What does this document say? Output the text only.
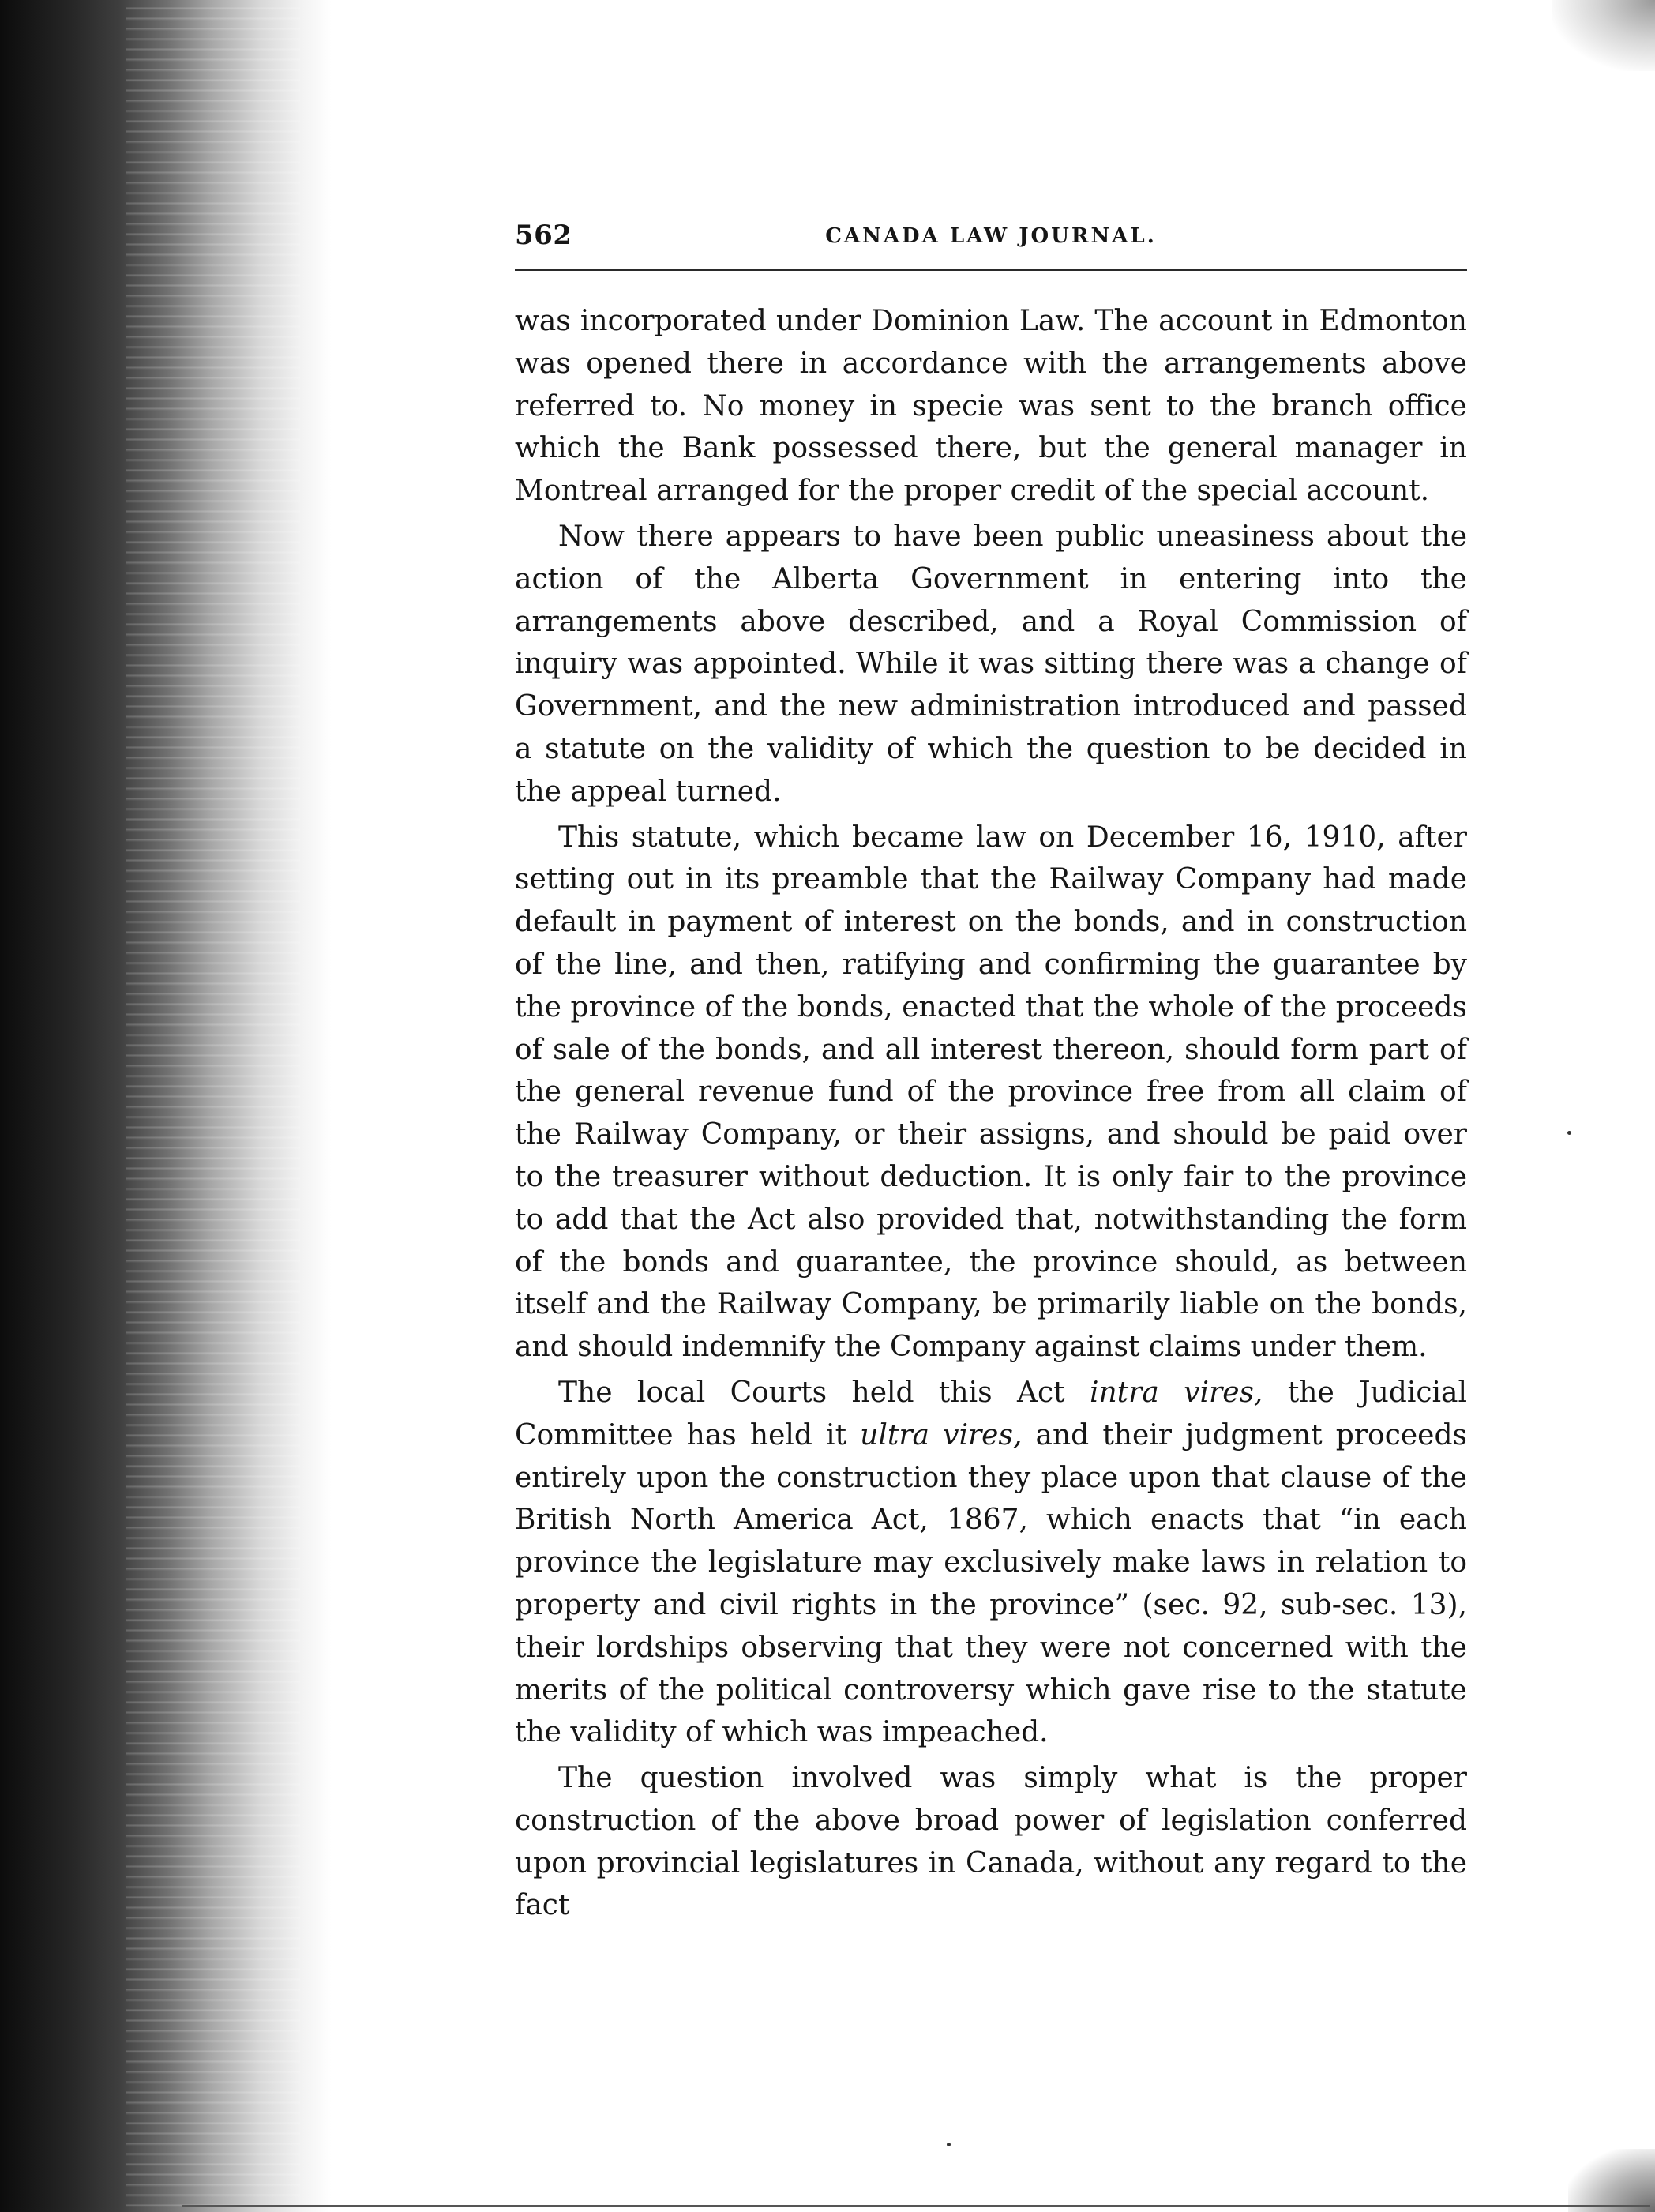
562	CANADA LAW JOURNAL.

was incorporated under Dominion Law. The account in Edmonton was opened there in accordance with the arrangements above referred to. No money in specie was sent to the branch office which the Bank possessed there, but the general manager in Montreal arranged for the proper credit of the special account.

Now there appears to have been public uneasiness about the action of the Alberta Government in entering into the arrangements above described, and a Royal Commission of inquiry was appointed. While it was sitting there was a change of Government, and the new administration introduced and passed a statute on the validity of which the question to be decided in the appeal turned.

This statute, which became law on December 16, 1910, after setting out in its preamble that the Railway Company had made default in payment of interest on the bonds, and in construction of the line, and then, ratifying and confirming the guarantee by the province of the bonds, enacted that the whole of the proceeds of sale of the bonds, and all interest thereon, should form part of the general revenue fund of the province free from all claim of the Railway Company, or their assigns, and should be paid over to the treasurer without deduction. It is only fair to the province to add that the Act also provided that, notwithstanding the form of the bonds and guarantee, the province should, as between itself and the Railway Company, be primarily liable on the bonds, and should indemnify the Company against claims under them.

The local Courts held this Act intra vires, the Judicial Committee has held it ultra vires, and their judgment proceeds entirely upon the construction they place upon that clause of the British North America Act, 1867, which enacts that “in each province the legislature may exclusively make laws in relation to property and civil rights in the province” (sec. 92, sub-sec. 13), their lordships observing that they were not concerned with the merits of the political controversy which gave rise to the statute the validity of which was impeached.

The question involved was simply what is the proper construction of the above broad power of legislation conferred upon provincial legislatures in Canada, without any regard to the fact
